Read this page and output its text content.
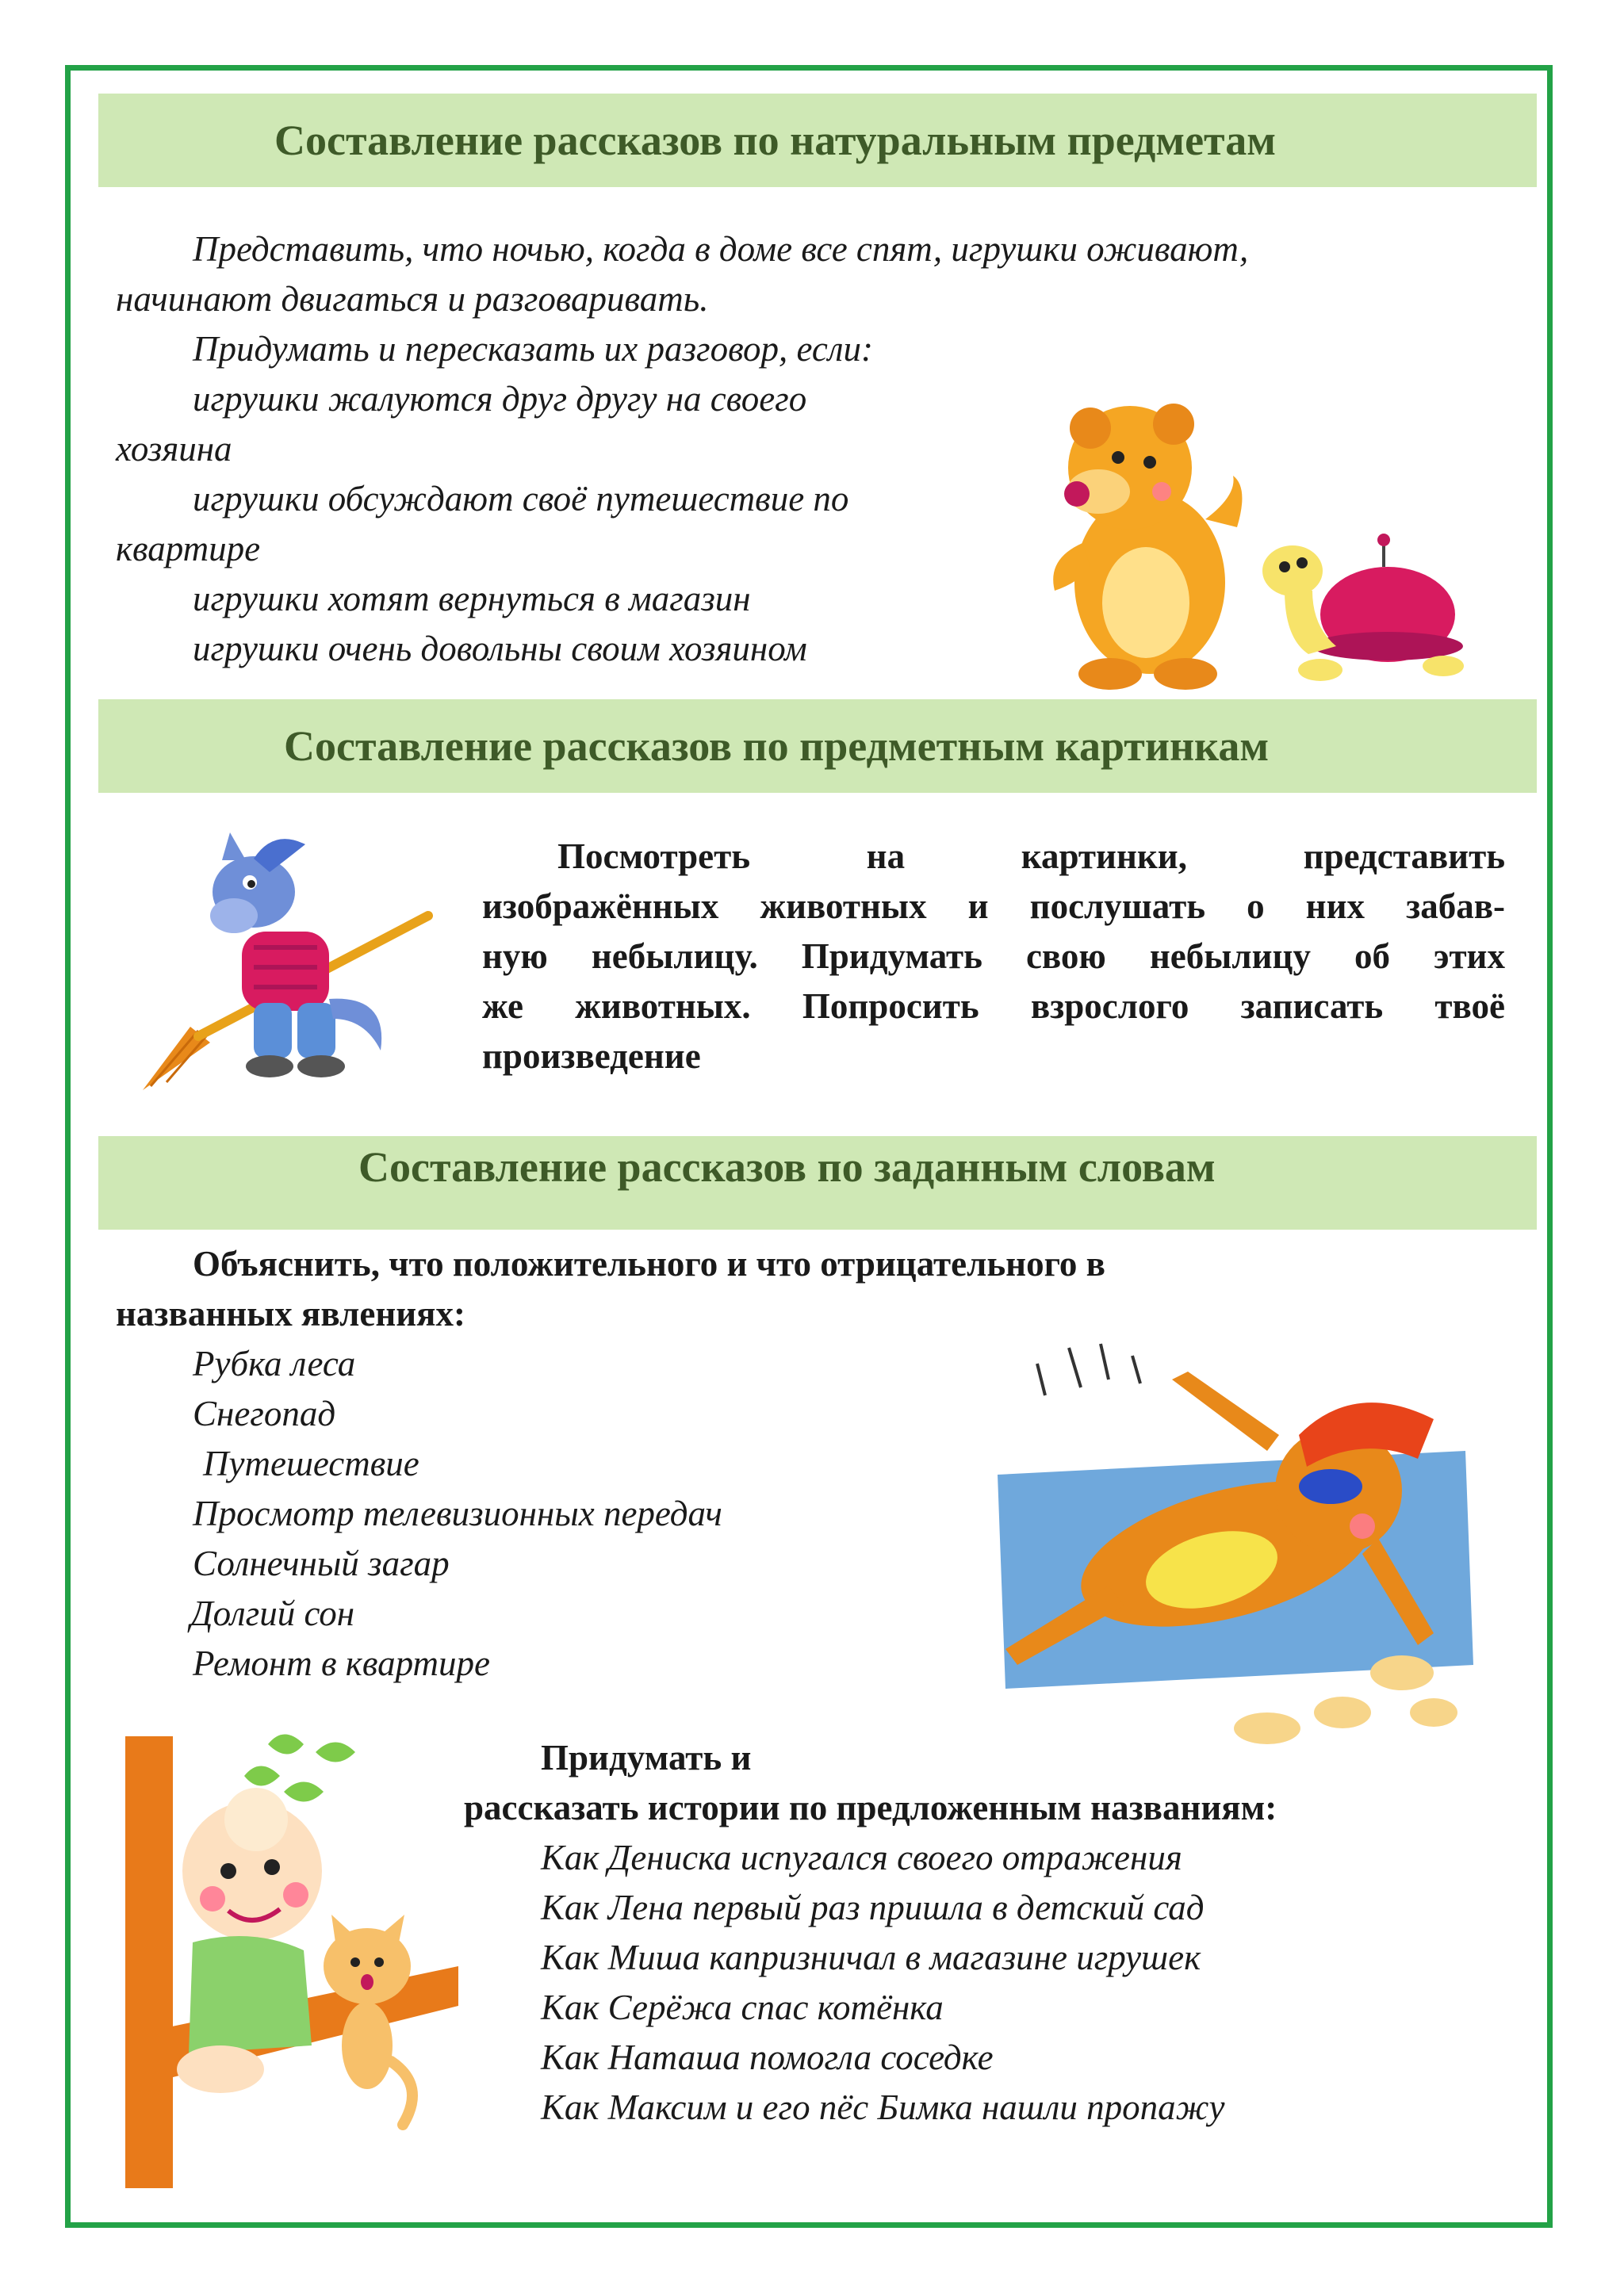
Составление рассказов по натуральным предметам
Представить, что ночью, когда в доме все спят, игрушки оживают,
начинают двигаться и разговаривать.
Придумать и пересказать их разговор, если:
игрушки жалуются друг другу на своего
хозяина
игрушки обсуждают своё путешествие по
квартире
игрушки хотят вернуться в магазин
игрушки очень довольны своим хозяином
Составление рассказов по предметным картинкам
Посмотреть на картинки, представить
изображённых животных и послушать о них забав-
ную небылицу. Придумать свою небылицу об этих
же животных. Попросить взрослого записать твоё
произведение
Составление рассказов по заданным словам
Объяснить, что положительного и что отрицательного в
названных явлениях:
Рубка леса
Снегопад
Путешествие
Просмотр телевизионных передач
Солнечный загар
Долгий сон
Ремонт в квартире
Придумать и
рассказать истории по предложенным названиям:
Как Дениска испугался своего отражения
Как Лена первый раз пришла в детский сад
Как Миша капризничал в магазине игрушек
Как Серёжа спас котёнка
Как Наташа помогла соседке
Как Максим и его пёс Бимка нашли пропажу
